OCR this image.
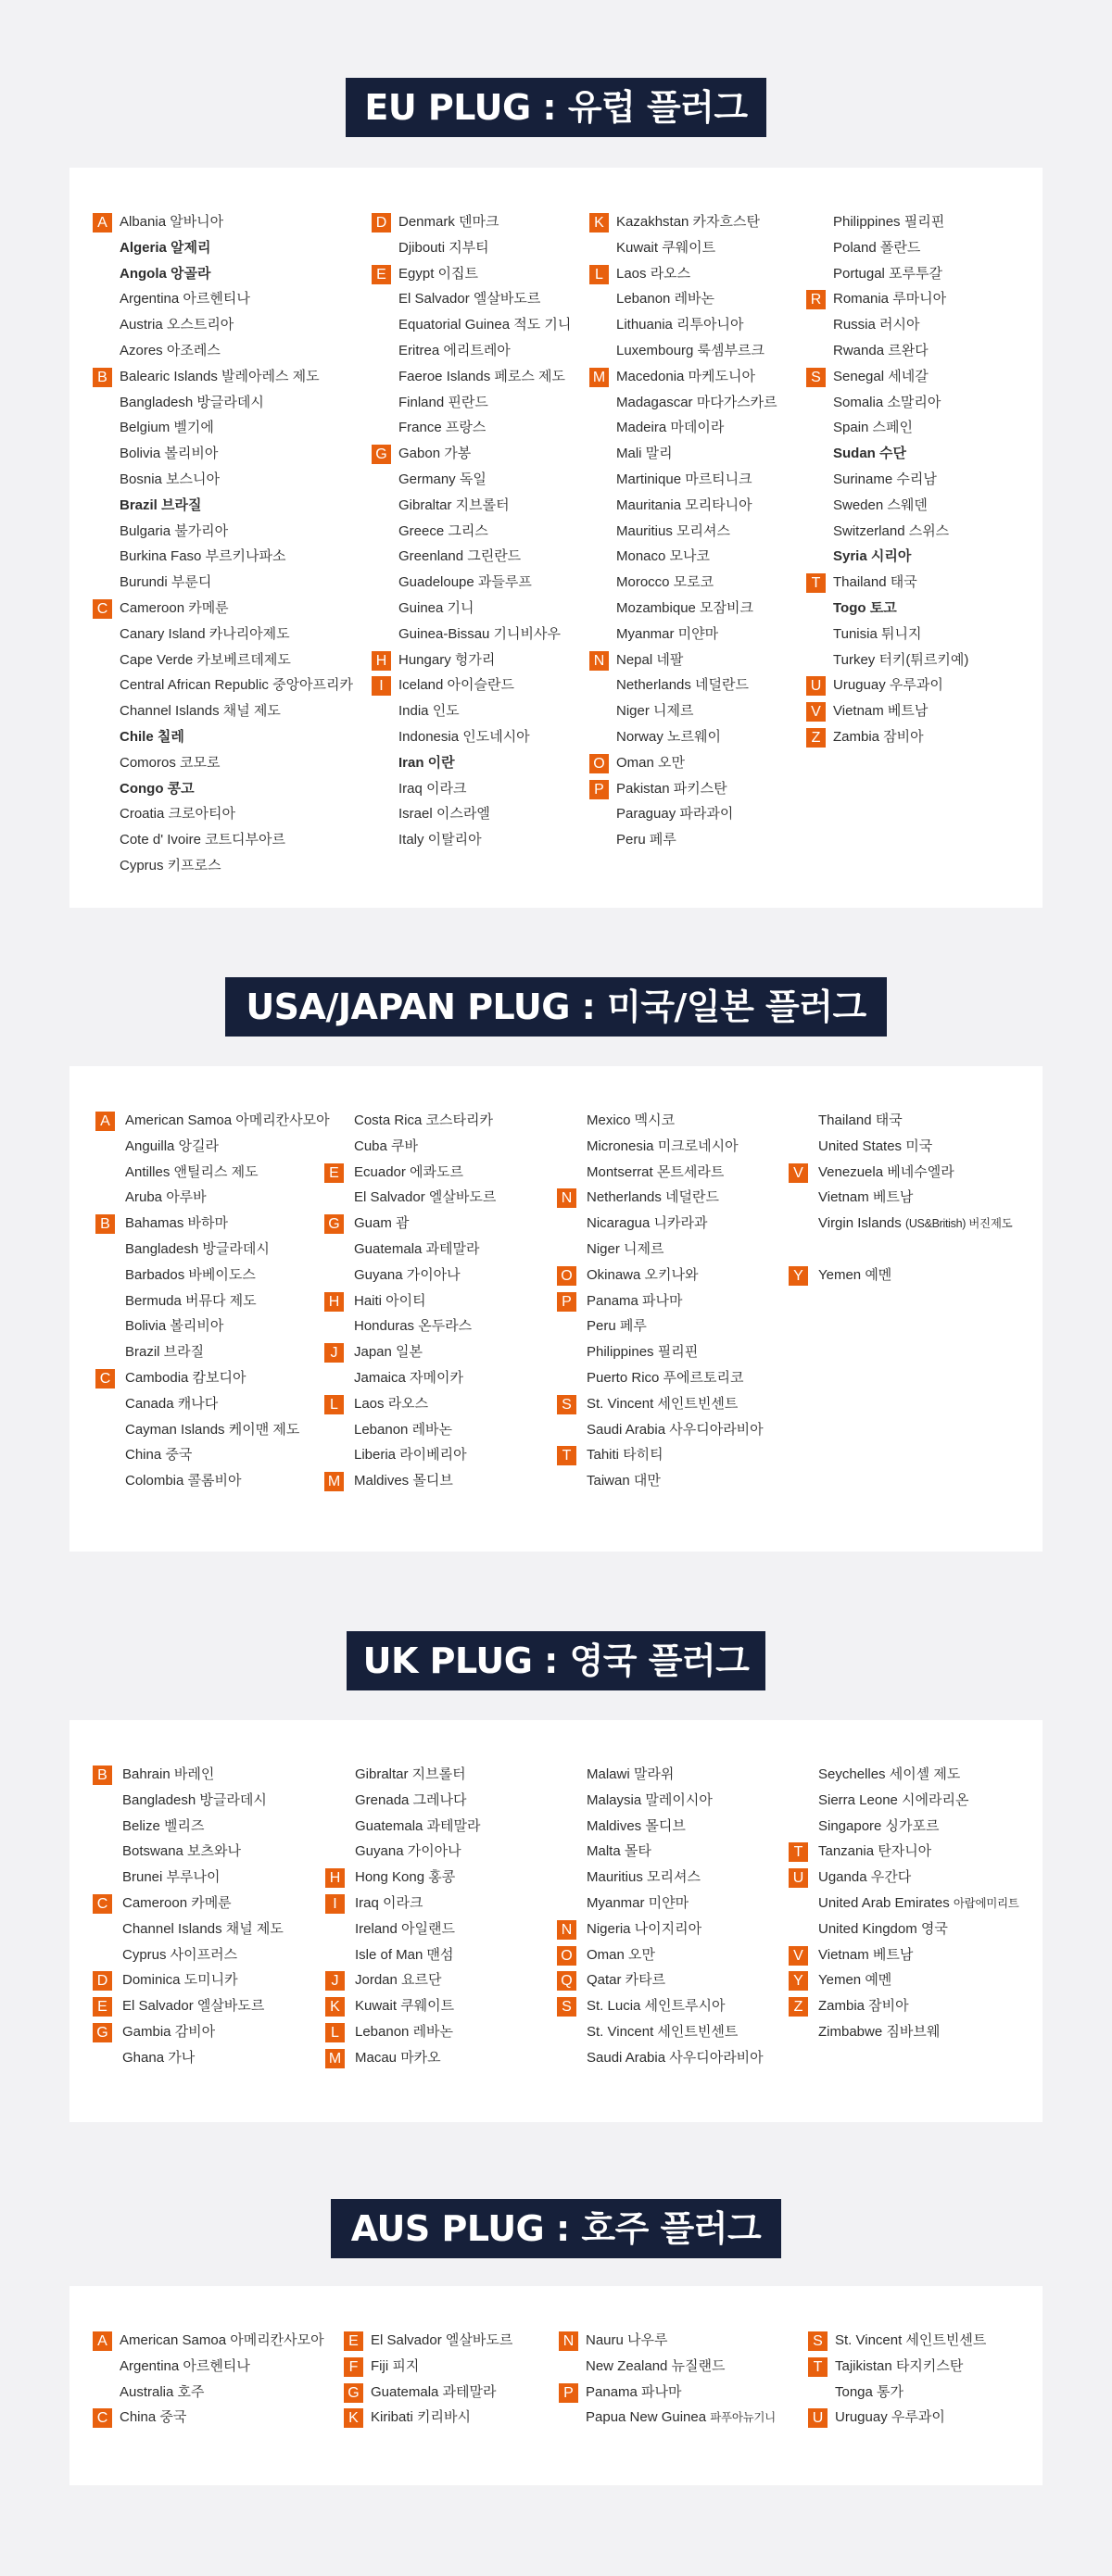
EU PLUG : 유럽 플러그
A Albania 알바니아
Algeria 알제리
Angola 앙골라
Argentina 아르헨티나
Austria 오스트리아
Azores 아조레스
B Balearic Islands 발레아레스 제도
Bangladesh 방글라데시
Belgium 벨기에
Bolivia 볼리비아
Bosnia 보스니아
Brazil 브라질
Bulgaria 불가리아
Burkina Faso 부르키나파소
Burundi 부룬디
C Cameroon 카메룬
Canary Island 카나리아제도
Cape Verde 카보베르데제도
Central African Republic 중앙아프리카
Channel Islands 채널 제도
Chile 칠레
Comoros 코모로
Congo 콩고
Croatia 크로아티아
Cote d' Ivoire 코트디부아르
Cyprus 키프로스
D Denmark 덴마크
Djibouti 지부티
E Egypt 이집트
El Salvador 엘살바도르
Equatorial Guinea 적도 기니
Eritrea 에리트레아
Faeroe Islands 페로스 제도
Finland 핀란드
France 프랑스
G Gabon 가봉
Germany 독일
Gibraltar 지브롤터
Greece 그리스
Greenland 그린란드
Guadeloupe 과들루프
Guinea 기니
Guinea-Bissau 기니비사우
H Hungary 헝가리
I	Iceland 아이슬란드
India 인도
Indonesia 인도네시아
Iran 이란
Iraq 이라크
Israel 이스라엘
Italy 이탈리아
K Kazakhstan 카자흐스탄
Kuwait 쿠웨이트
L Laos 라오스
Lebanon 레바논
Lithuania 리투아니아
Luxembourg 룩셈부르크
M Macedonia 마케도니아
Madagascar 마다가스카르
Madeira 마데이라
Mali 말리
Martinique 마르티니크
Mauritania 모리타니아
Mauritius 모리셔스
Monaco 모나코
Morocco 모로코
Mozambique 모잠비크
Myanmar 미얀마
N Nepal 네팔
Netherlands 네덜란드
Niger 니제르
Norway 노르웨이
O Oman 오만
P Pakistan 파키스탄
Paraguay 파라과이
Peru 페루
Philippines 필리핀
Poland 폴란드
Portugal 포루투갈
R Romania 루마니아
Russia 러시아
Rwanda 르완다
S Senegal 세네갈
Somalia 소말리아
Spain 스페인
Sudan 수단
Suriname 수리남
Sweden 스웨덴
Switzerland 스위스
Syria 시리아
T Thailand 태국
Togo 토고
Tunisia 튀니지
Turkey 터키(튀르키예)
U Uruguay 우루과이
V Vietnam 베트남
Z Zambia 잠비아
USA/JAPAN PLUG : 미국/일본 플러그
A	American Samoa 아메리칸사모아
Anguilla 앙길라
Antilles 앤틸리스 제도
Aruba 아루바
B	Bahamas 바하마
Bangladesh 방글라데시
Barbados 바베이도스
Bermuda 버뮤다 제도
Bolivia 볼리비아
Brazil 브라질
C	Cambodia 캄보디아
Canada 캐나다
Cayman Islands 케이맨 제도
China 중국
Colombia 콜롬비아
Costa Rica 코스타리카
Cuba 쿠바
E	Ecuador 에콰도르
El Salvador 엘살바도르
G Guam 괌
Guatemala 과테말라
Guyana 가이아나
H	Haiti 아이티
Honduras 온두라스
J	Japan 일본
Jamaica 자메이카
L	Laos 라오스
Lebanon 레바논
Liberia 라이베리아
M Maldives 몰디브
Mexico 멕시코
Micronesia 미크로네시아
Montserrat 몬트세라트
N	Netherlands 네덜란드
Nicaragua 니카라과
Niger 니제르
O Okinawa 오키나와
P	Panama 파나마
Peru 페루
Philippines 필리핀
Puerto Rico 푸에르토리코
S	St. Vincent 세인트빈센트
Saudi Arabia 사우디아라비아
T	Tahiti 타히티
Taiwan 대만
Thailand 태국
United States 미국
V	Venezuela 베네수엘라
Vietnam 베트남
Virgin Islands (US&British) 버진제도
Y	Yemen 예멘
UK PLUG : 영국 플러그
B	Bahrain 바레인
Bangladesh 방글라데시
Belize 벨리즈
Botswana 보츠와나
Brunei 부루나이
C	Cameroon 카메룬
Channel Islands 채널 제도
Cyprus 사이프러스
D	Dominica 도미니카
E	El Salvador 엘살바도르
G Gambia 감비아
Ghana 가나
Gibraltar 지브롤터
Grenada 그레나다
Guatemala 과테말라
Guyana 가이아나
H	Hong Kong 홍콩
I	Iraq 이라크
Ireland 아일랜드
Isle of Man 맨섬
J	Jordan 요르단
K	Kuwait 쿠웨이트
L	Lebanon 레바논
M Macau 마카오
Malawi 말라위
Malaysia 말레이시아
Maldives 몰디브
Malta 몰타
Mauritius 모리셔스
Myanmar 미얀마
N	Nigeria 나이지리아
O Oman 오만
Q Qatar 카타르
S	St. Lucia 세인트루시아
St. Vincent 세인트빈센트
Saudi Arabia 사우디아라비아
Seychelles 세이셸 제도
Sierra Leone 시에라리온
Singapore 싱가포르
T	Tanzania 탄자니아
U	Uganda 우간다
United Arab Emirates 아랍에미리트
United Kingdom 영국
V	Vietnam 베트남
Y	Yemen 예멘
Z	Zambia 잠비아
Zimbabwe 짐바브웨
AUS PLUG : 호주 플러그
A American Samoa 아메리칸사모아
Argentina 아르헨티나
Australia 호주
C China 중국
E El Salvador 엘살바도르
F Fiji 피지
G Guatemala 과테말라
K Kiribati 키리바시
N Nauru 나우루
New Zealand 뉴질랜드
P Panama 파나마
Papua New Guinea 파푸아뉴기니
S St. Vincent 세인트빈센트
T Tajikistan 타지키스탄
Tonga 통가
U Uruguay 우루과이
